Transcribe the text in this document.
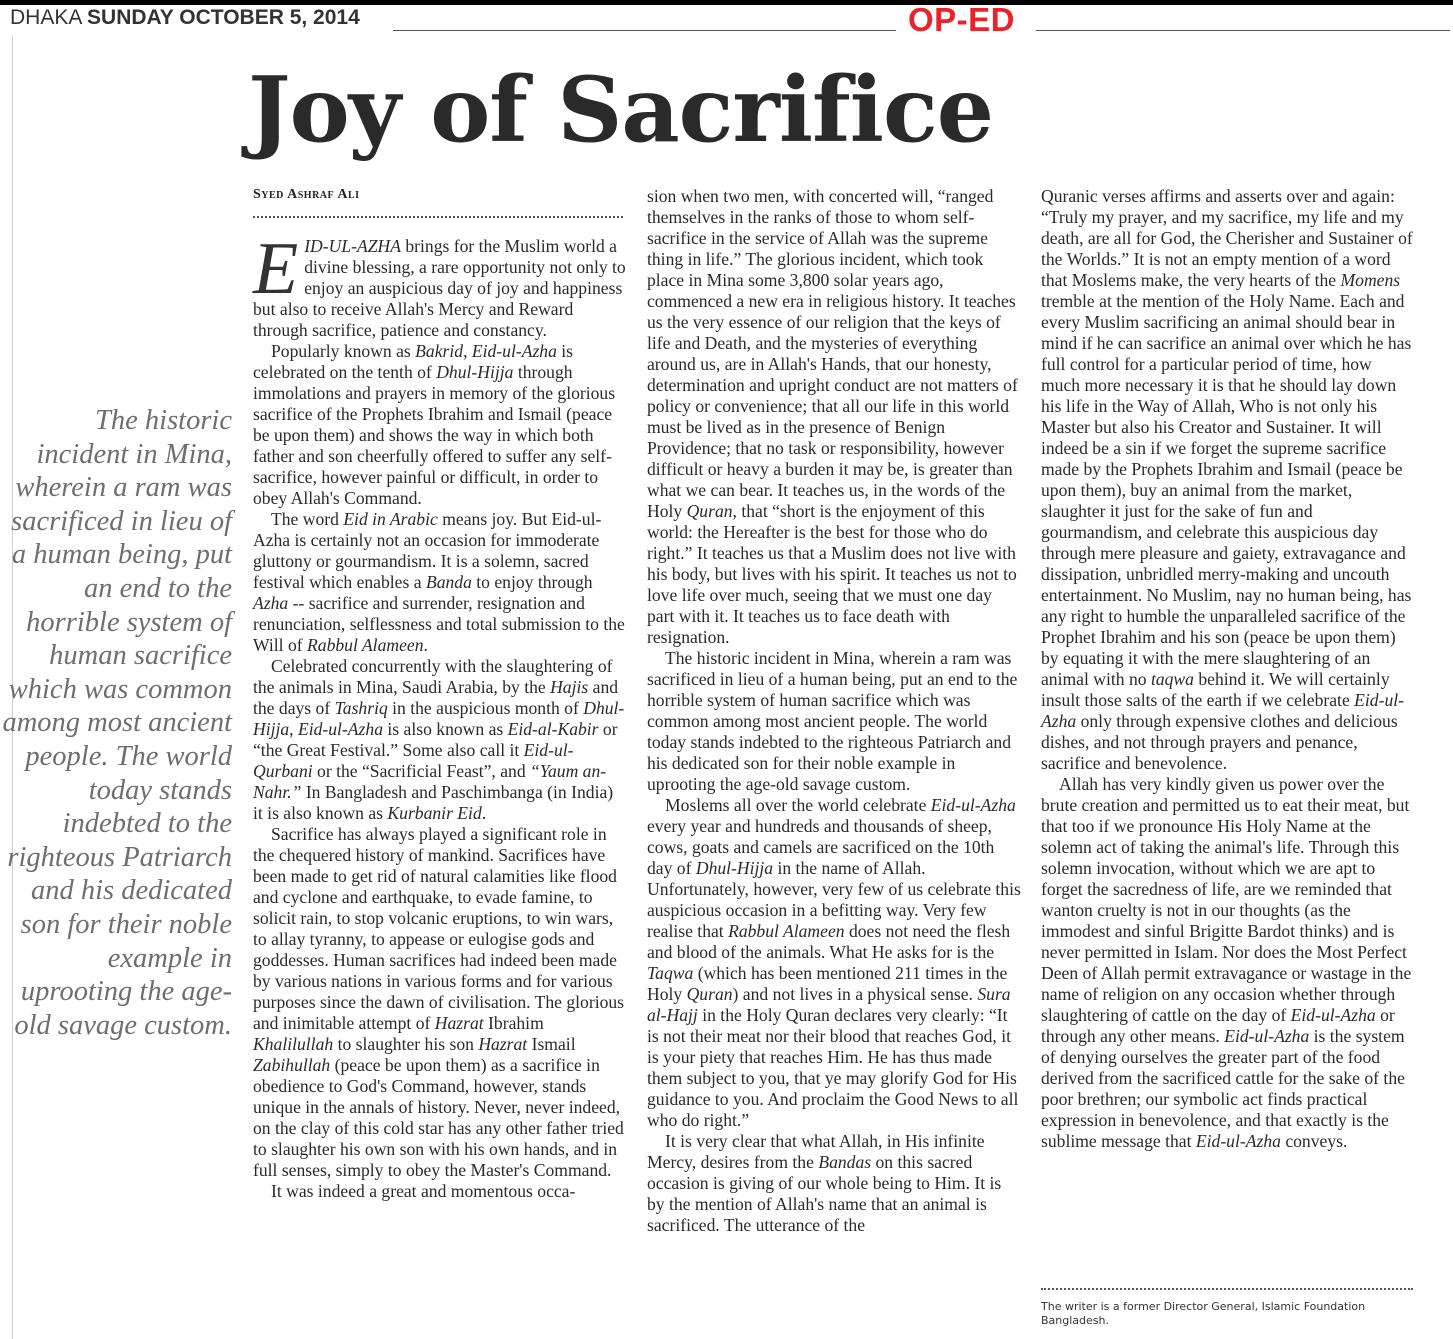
DHAKA SUNDAY OCTOBER 5, 2014	OP-ED

Joy of Sacrifice

Syed Ashraf Ali

The historic incident in Mina, wherein a ram was sacrificed in lieu of a human being, put an end to the horrible system of human sacrifice which was common among most ancient people. The world today stands indebted to the righteous Patriarch and his dedicated son for their noble example in uprooting the age-old savage custom.

EID-UL-AZHA brings for the Muslim world a divine blessing, a rare opportunity not only to enjoy an auspicious day of joy and happiness but also to receive Allah's Mercy and Reward through sacrifice, patience and constancy.

Popularly known as Bakrid, Eid-ul-Azha is celebrated on the tenth of Dhul-Hijja through immolations and prayers in memory of the glorious sacrifice of the Prophets Ibrahim and Ismail (peace be upon them) and shows the way in which both father and son cheerfully offered to suffer any self-sacrifice, however painful or difficult, in order to obey Allah's Command.

The word Eid in Arabic means joy. But Eid-ul-Azha is certainly not an occasion for immoderate gluttony or gourmandism. It is a solemn, sacred festival which enables a Banda to enjoy through Azha -- sacrifice and surrender, resignation and renunciation, selflessness and total submission to the Will of Rabbul Alameen.

Celebrated concurrently with the slaughtering of the animals in Mina, Saudi Arabia, by the Hajis and the days of Tashriq in the auspicious month of Dhul-Hijja, Eid-ul-Azha is also known as Eid-al-Kabir or “the Great Festival.” Some also call it Eid-ul-Qurbani or the “Sacrificial Feast”, and “Yaum an-Nahr.” In Bangladesh and Paschimbanga (in India) it is also known as Kurbanir Eid.

Sacrifice has always played a significant role in the chequered history of mankind. Sacrifices have been made to get rid of natural calamities like flood and cyclone and earthquake, to evade famine, to solicit rain, to stop volcanic eruptions, to win wars, to allay tyranny, to appease or eulogise gods and goddesses. Human sacrifices had indeed been made by various nations in various forms and for various purposes since the dawn of civilisation. The glorious and inimitable attempt of Hazrat Ibrahim Khalilullah to slaughter his son Hazrat Ismail Zabihullah (peace be upon them) as a sacrifice in obedience to God's Command, however, stands unique in the annals of history. Never, never indeed, on the clay of this cold star has any other father tried to slaughter his own son with his own hands, and in full senses, simply to obey the Master's Command.

It was indeed a great and momentous occa-

sion when two men, with concerted will, “ranged themselves in the ranks of those to whom self-sacrifice in the service of Allah was the supreme thing in life.” The glorious incident, which took place in Mina some 3,800 solar years ago, commenced a new era in religious history. It teaches us the very essence of our religion that the keys of life and Death, and the mysteries of everything around us, are in Allah's Hands, that our honesty, determination and upright conduct are not matters of policy or convenience; that all our life in this world must be lived as in the presence of Benign Providence; that no task or responsibility, however difficult or heavy a burden it may be, is greater than what we can bear. It teaches us, in the words of the Holy Quran, that “short is the enjoyment of this world: the Hereafter is the best for those who do right.” It teaches us that a Muslim does not live with his body, but lives with his spirit. It teaches us not to love life over much, seeing that we must one day part with it. It teaches us to face death with resignation.

The historic incident in Mina, wherein a ram was sacrificed in lieu of a human being, put an end to the horrible system of human sacrifice which was common among most ancient people. The world today stands indebted to the righteous Patriarch and his dedicated son for their noble example in uprooting the age-old savage custom.

Moslems all over the world celebrate Eid-ul-Azha every year and hundreds and thousands of sheep, cows, goats and camels are sacrificed on the 10th day of Dhul-Hijja in the name of Allah. Unfortunately, however, very few of us celebrate this auspicious occasion in a befitting way. Very few realise that Rabbul Alameen does not need the flesh and blood of the animals. What He asks for is the Taqwa (which has been mentioned 211 times in the Holy Quran) and not lives in a physical sense. Sura al-Hajj in the Holy Quran declares very clearly: “It is not their meat nor their blood that reaches God, it is your piety that reaches Him. He has thus made them subject to you, that ye may glorify God for His guidance to you. And proclaim the Good News to all who do right.”

It is very clear that what Allah, in His infinite Mercy, desires from the Bandas on this sacred occasion is giving of our whole being to Him. It is by the mention of Allah's name that an animal is sacrificed. The utterance of the

Quranic verses affirms and asserts over and again: “Truly my prayer, and my sacrifice, my life and my death, are all for God, the Cherisher and Sustainer of the Worlds.” It is not an empty mention of a word that Moslems make, the very hearts of the Momens tremble at the mention of the Holy Name. Each and every Muslim sacrificing an animal should bear in mind if he can sacrifice an animal over which he has full control for a particular period of time, how much more necessary it is that he should lay down his life in the Way of Allah, Who is not only his Master but also his Creator and Sustainer. It will indeed be a sin if we forget the supreme sacrifice made by the Prophets Ibrahim and Ismail (peace be upon them), buy an animal from the market, slaughter it just for the sake of fun and gourmandism, and celebrate this auspicious day through mere pleasure and gaiety, extravagance and dissipation, unbridled merry-making and uncouth entertainment. No Muslim, nay no human being, has any right to humble the unparalleled sacrifice of the Prophet Ibrahim and his son (peace be upon them) by equating it with the mere slaughtering of an animal with no taqwa behind it. We will certainly insult those salts of the earth if we celebrate Eid-ul-Azha only through expensive clothes and delicious dishes, and not through prayers and penance, sacrifice and benevolence.

Allah has very kindly given us power over the brute creation and permitted us to eat their meat, but that too if we pronounce His Holy Name at the solemn act of taking the animal's life. Through this solemn invocation, without which we are apt to forget the sacredness of life, are we reminded that wanton cruelty is not in our thoughts (as the immodest and sinful Brigitte Bardot thinks) and is never permitted in Islam. Nor does the Most Perfect Deen of Allah permit extravagance or wastage in the name of religion on any occasion whether through slaughtering of cattle on the day of Eid-ul-Azha or through any other means. Eid-ul-Azha is the system of denying ourselves the greater part of the food derived from the sacrificed cattle for the sake of the poor brethren; our symbolic act finds practical expression in benevolence, and that exactly is the sublime message that Eid-ul-Azha conveys.

The writer is a former Director General, Islamic Foundation Bangladesh.
